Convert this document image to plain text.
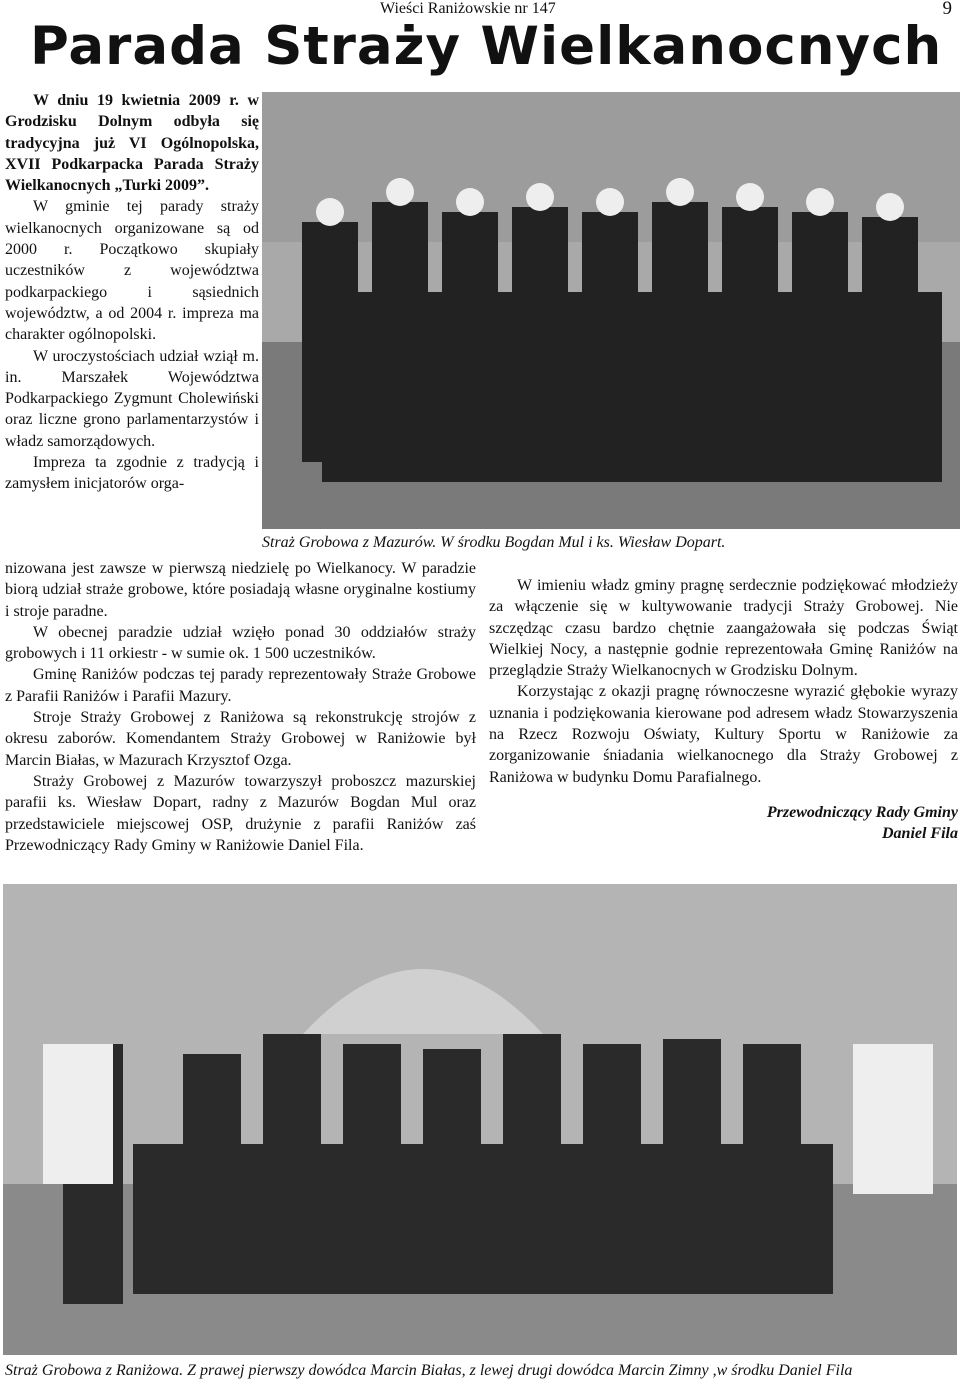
Wieści Raniżowskie nr 147	9
Parada Straży Wielkanocnych

W dniu 19 kwietnia 2009 r. w Grodzisku Dolnym odbyła się tradycyjna już VI Ogólnopolska, XVII Podkarpacka Parada Straży Wielkanocnych „Turki 2009”.

W gminie tej parady straży wielkanocnych organizowane są od 2000 r. Początkowo skupiały uczestników z województwa podkarpackiego i sąsiednich województw, a od 2004 r. impreza ma charakter ogólnopolski.

W uroczystościach udział wziął m. in. Marszałek Województwa Podkarpackiego Zygmunt Cholewiński oraz liczne grono parlamentarzystów i władz samorządowych.

Impreza ta zgodnie z tradycją i zamysłem inicjatorów orga-

Straż Grobowa z Mazurów. W środku Bogdan Mul i ks. Wiesław Dopart.

nizowana jest zawsze w pierwszą niedzielę po Wielkanocy. W paradzie biorą udział straże grobowe, które posiadają własne oryginalne kostiumy i stroje paradne.

W obecnej paradzie udział wzięło ponad 30 oddziałów straży grobowych i 11 orkiestr - w sumie ok. 1 500 uczestników.

Gminę Raniżów podczas tej parady reprezentowały Straże Grobowe z Parafii Raniżów i Parafii Mazury.

Stroje Straży Grobowej z Raniżowa są rekonstrukcję strojów z okresu zaborów. Komendantem Straży Grobowej w Raniżowie był Marcin Białas, w Mazurach Krzysztof Ozga.

Straży Grobowej z Mazurów towarzyszył proboszcz mazurskiej parafii ks. Wiesław Dopart, radny z Mazurów Bogdan Mul oraz przedstawiciele miejscowej OSP, drużynie z parafii Raniżów zaś Przewodniczący Rady Gminy w Raniżowie Daniel Fila.

W imieniu władz gminy pragnę serdecznie podziękować młodzieży za włączenie się w kultywowanie tradycji Straży Grobowej. Nie szczędząc czasu bardzo chętnie zaangażowała się podczas Świąt Wielkiej Nocy, a następnie godnie reprezentowała Gminę Raniżów na przeglądzie Straży Wielkanocnych w Grodzisku Dolnym.

Korzystając z okazji pragnę równoczesne wyrazić głębokie wyrazy uznania i podziękowania kierowane pod adresem władz Stowarzyszenia na Rzecz Rozwoju Oświaty, Kultury Sportu w Raniżowie za zorganizowanie śniadania wielkanocnego dla Straży Grobowej z Raniżowa w budynku Domu Parafialnego.

Przewodniczący Rady Gminy

Daniel Fila

Straż Grobowa z Raniżowa. Z prawej pierwszy dowódca Marcin Białas, z lewej drugi dowódca Marcin Zimny ,w środku Daniel Fila
